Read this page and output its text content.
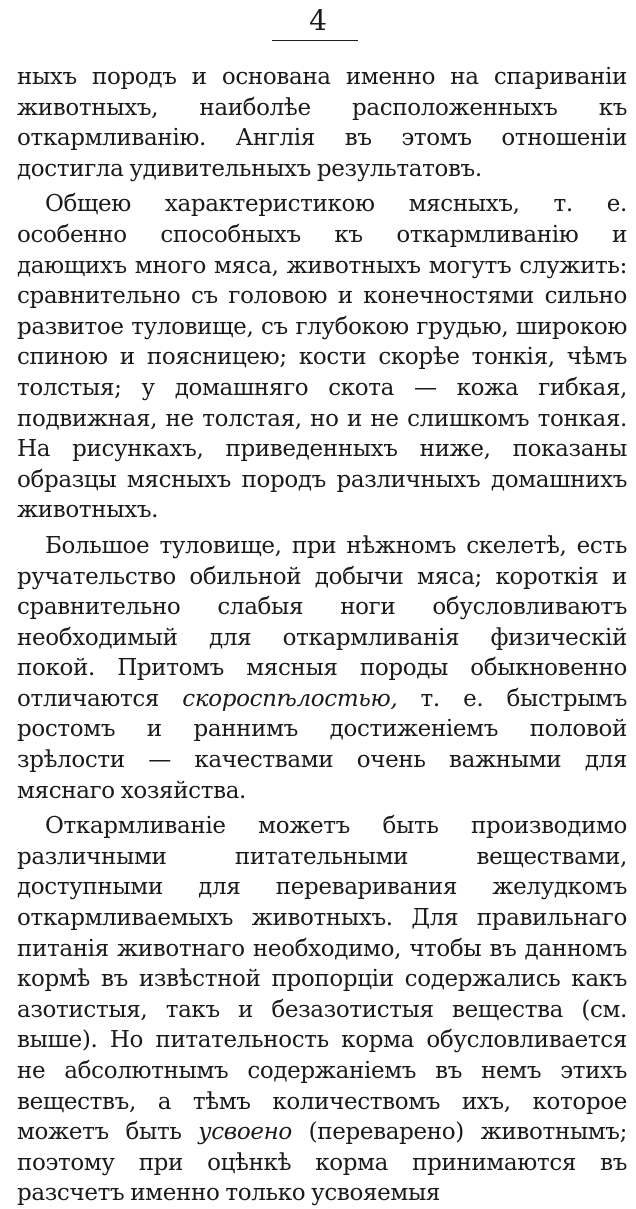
4

ныхъ породъ и основана именно на спариваніи животныхъ, наиболѣе расположенныхъ къ откармливанію. Англія въ этомъ отношеніи достигла удивительныхъ результатовъ.

Общею характеристикою мясныхъ, т. е. особенно способныхъ къ откармливанію и дающихъ много мяса, животныхъ могутъ служить: сравнительно съ головою и конечностями сильно развитое туловище, съ глубокою грудью, широкою спиною и поясницею; кости скорѣе тонкія, чѣмъ толстыя; у домашняго скота — кожа гибкая, подвижная, не толстая, но и не слишкомъ тонкая. На рисункахъ, приведенныхъ ниже, показаны образцы мясныхъ породъ различныхъ домашнихъ животныхъ.

Большое туловище, при нѣжномъ скелетѣ, есть ручательство обильной добычи мяса; короткія и сравнительно слабыя ноги обусловливаютъ необходимый для откармливанія физическій покой. Притомъ мясныя породы обыкновенно отличаются скороспѣлостью, т. е. быстрымъ ростомъ и раннимъ достиженіемъ половой зрѣлости — качествами очень важными для мяснаго хозяйства.

Откармливаніе можетъ быть производимо различными питательными веществами, доступными для переваривания желудкомъ откармливаемыхъ животныхъ. Для правильнаго питанія животнаго необходимо, чтобы въ данномъ кормѣ въ извѣстной пропорціи содержались какъ азотистыя, такъ и безазотистыя вещества (см. выше). Но питательность корма обусловливается не абсолютнымъ содержаніемъ въ немъ этихъ веществъ, а тѣмъ количествомъ ихъ, которое можетъ быть усвоено (переварено) животнымъ; поэтому при оцѣнкѣ корма принимаются въ разсчетъ именно только усвояемыя
